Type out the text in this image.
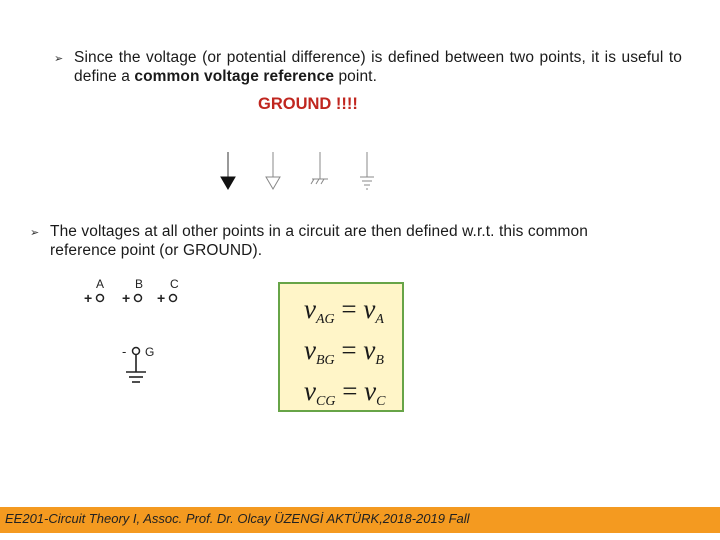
➢ Since the voltage (or potential difference) is defined between two points, it is useful to define a common voltage reference point.
GROUND !!!!
➢ The voltages at all other points in a circuit are then defined w.r.t. this common reference point (or GROUND).
A	B C
+ + +
- G
$v_{AG} = v_A$
$v_{BG} = v_B$
$v_{CG} = v_C$
EE201-Circuit Theory I, Assoc. Prof. Dr. Olcay ÜZENGİ AKTÜRK,2018-2019 Fall
